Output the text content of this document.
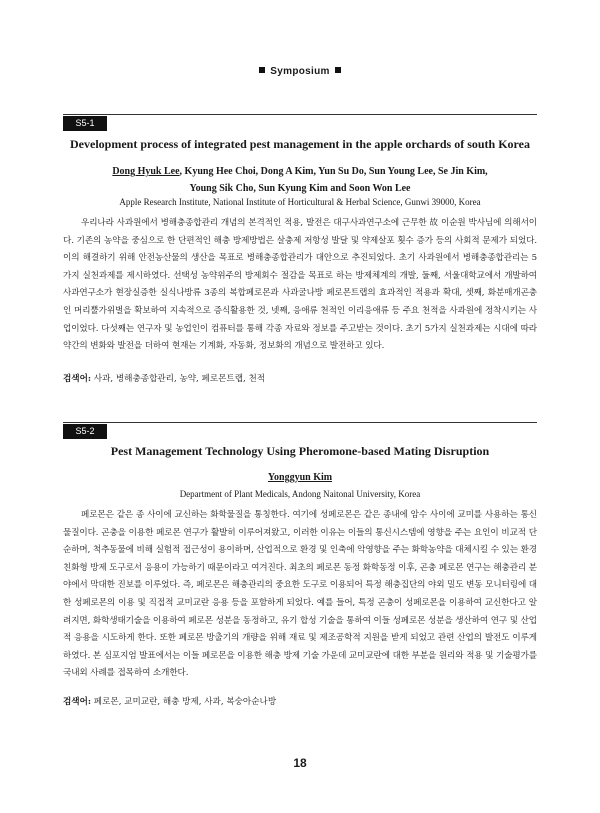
Symposium
S5-1
Development process of integrated pest management in the apple orchards of south Korea
Dong Hyuk Lee, Kyung Hee Choi, Dong A Kim, Yun Su Do, Sun Young Lee, Se Jin Kim,
Young Sik Cho, Sun Kyung Kim and Soon Won Lee
Apple Research Institute, National Institute of Horticultural & Herbal Science, Gunwi 39000, Korea
우리나라 사과원에서 병해충종합관리 개념의 본격적인 적용, 발전은 대구사과연구소에 근무한 故 이순원 박사님에 의해서이다. 기존의 농약을 중심으로 한 단편적인 해충 방제방법은 살충제 저항성 발달 및 약제살포 횟수 증가 등의 사회적 문제가 되었다. 이의 해결하기 위해 안전농산물의 생산을 목표로 병해충종합관리가 대안으로 추진되었다. 초기 사과원에서 병해충종합관리는 5가지 실천과제를 제시하였다. 선택성 농약위주의 방제회수 절감을 목표로 하는 방제체계의 개발, 둘째, 서울대학교에서 개발하여 사과연구소가 현장실증한 실식나방류 3종의 복합페로몬과 사과굴나방 페로몬트랩의 효과적인 적용과 확대, 셋째, 화분매개곤충인 머리뿔가위벌을 확보하여 지속적으로 증식활용한 것, 넷째, 응애류 천적인 이리응애류 등 주요 천적을 사과원에 정착시키는 사업이었다. 다섯째는 연구자 및 농업인이 컴퓨터를 통해 각종 자료와 정보를 주고받는 것이다. 초기 5가지 실천과제는 시대에 따라 약간의 변화와 발전을 더하여 현재는 기계화, 자동화, 정보화의 개념으로 발전하고 있다.
검색어: 사과, 병해충종합관리, 농약, 페로몬트랩, 천적
S5-2
Pest Management Technology Using Pheromone-based Mating Disruption
Yonggyun Kim
Department of Plant Medicals, Andong Naitonal University, Korea
페로몬은 같은 종 사이에 교신하는 화학물질을 통칭한다. 여기에 성페로몬은 같은 종내에 암수 사이에 교미를 사용하는 통신물질이다. 곤충을 이용한 페로몬 연구가 활발히 이루어져왔고, 이러한 이유는 이들의 통신시스템에 영향을 주는 요인이 비교적 단순하며, 척추동물에 비해 실험적 접근성이 용이하며, 산업적으로 환경 및 인축에 악영향을 주는 화학농약을 대체시킬 수 있는 환경친화형 방제 도구로서 응용이 가능하기 때문이라고 여겨진다. 최초의 페로몬 동정 화학동정 이후, 곤충 페로몬 연구는 해충관리 분야에서 막대한 진보를 이루었다. 즉, 페로몬은 해충관리의 중요한 도구로 이용되어 특정 해충집단의 야외 밀도 변동 모니터링에 대한 성페로몬의 이용 및 직접적 교미교란 응용 등을 포함하게 되었다. 예를 들어, 특정 곤충이 성페로몬을 이용하여 교신한다고 알려지면, 화학생태기술을 이용하여 페로몬 성분을 동정하고, 유기 합성 기술을 통하여 이들 성페로몬 성분을 생산하여 연구 및 산업적 응용을 시도하게 한다. 또한 페로몬 방출기의 개량을 위해 재료 및 제조공학적 지원을 받게 되었고 관련 산업의 발전도 이루게 하였다. 본 심포지엄 발표에서는 이들 페로몬을 이용한 해충 방제 기술 가운데 교미교란에 대한 부분을 원리와 적용 및 기술평가를 국내외 사례를 접목하여 소개한다.
검색어: 페로몬, 교미교란, 해충 방제, 사과, 복숭아순나방
18
